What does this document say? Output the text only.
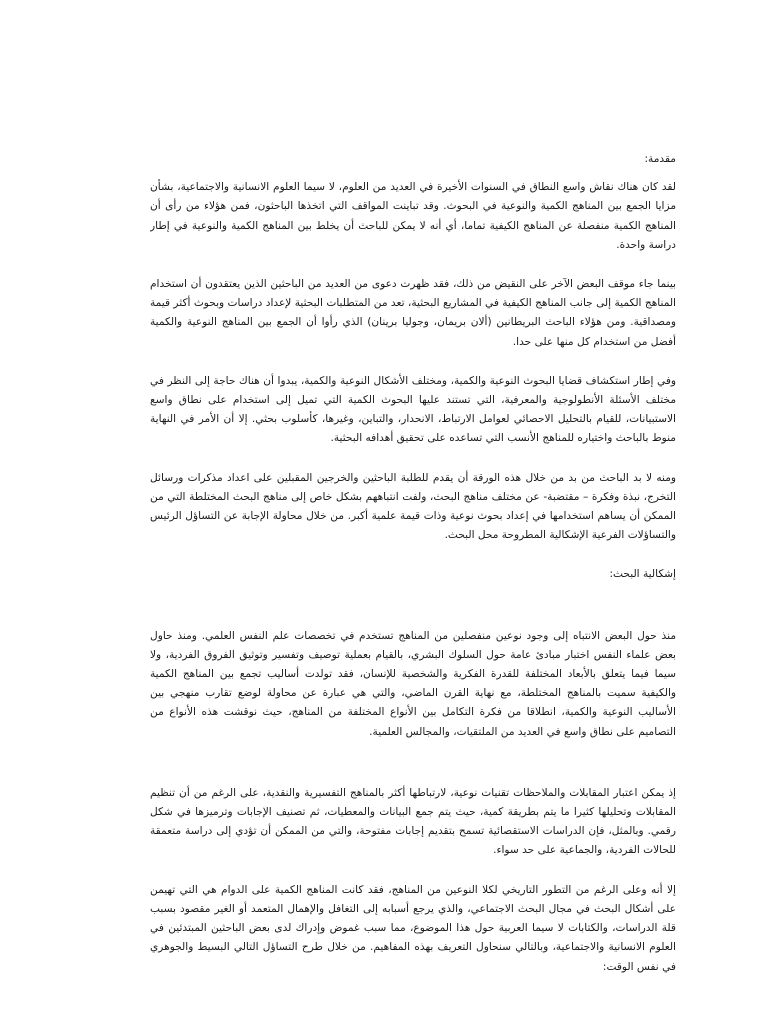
مقدمة:

لقد كان هناك نقاش واسع النطاق في السنوات الأخيرة في العديد من العلوم، لا سيما العلوم الانسانية والاجتماعية، بشأن مزايا الجمع بين المناهج الكمية والنوعية في البحوث. وقد تباينت المواقف التي اتخذها الباحثون، فمن هؤلاء من رأى أن المناهج الكمية منفصلة عن المناهج الكيفية تماما، أي أنه لا يمكن للباحث أن يخلط بين المناهج الكمية والنوعية في إطار دراسة واحدة.

بينما جاء موقف البعض الآخر على النقيض من ذلك، فقد ظهرت دعوى من العديد من الباحثين الذين يعتقدون أن استخدام المناهج الكمية إلى جانب المناهج الكيفية في المشاريع البحثية، تعد من المتطلبات البحثية لإعداد دراسات وبحوث أكثر قيمة ومصداقية. ومن هؤلاء الباحث البريطانين (ألان بريمان، وجوليا برينان) الذي رأوا أن الجمع بين المناهج النوعية والكمية أفضل من استخدام كل منها على حدا.

وفي إطار استكشاف قضايا البحوث النوعية والكمية، ومختلف الأشكال النوعية والكمية، يبدوا أن هناك حاجة إلى النظر في مختلف الأسئلة الأنطولوجية والمعرفية، التي تستند عليها البحوث الكمية التي تميل إلى استخدام على نطاق واسع الاستبيانات، للقيام بالتحليل الاحصائي لعوامل الارتباط، الانحدار، والتباين، وغيرها، كأسلوب بحثي. إلا أن الأمر في النهاية منوط بالباحث واختياره للمناهج الأنسب التي تساعده على تحقيق أهدافه البحثية.

ومنه لا بد الباحث من بد من خلال هذه الورقة أن يقدم للطلبة الباحثين والخرجين المقبلين على اعداد مذكرات ورسائل التخرج، نبذة وفكرة – مقتضبة- عن مختلف مناهج البحث، ولفت انتباههم بشكل خاص إلى مناهج البحث المختلطة التي من الممكن أن يساهم استخدامها في إعداد بحوث نوعية وذات قيمة علمية أكبر. من خلال محاولة الإجابة عن التساؤل الرئيس والتساؤلات الفرعية الإشكالية المطروحة محل البحث.

إشكالية البحث:

منذ حول البعض الانتباه إلى وجود نوعين منفصلين من المناهج تستخدم في تخصصات علم النفس العلمي. ومنذ حاول بعض علماء النفس اختبار مبادئ عامة حول السلوك البشري، بالقيام بعملية توصيف وتفسير وتوثيق الفروق الفردية، ولا سيما فيما يتعلق بالأبعاد المختلفة للقدرة الفكرية والشخصية للإنسان، فقد تولدت أساليب تجمع بين المناهج الكمية والكيفية سميت بالمناهج المختلطة، مع نهاية القرن الماضي، والتي هي عبارة عن محاولة لوضع تقارب منهجي بين الأساليب النوعية والكمية، انطلاقا من فكرة التكامل بين الأنواع المختلفة من المناهج، حيث نوقشت هذه الأنواع من التصاميم على نطاق واسع في العديد من الملتقيات، والمجالس العلمية.

إذ يمكن اعتبار المقابلات والملاحظات تقنيات نوعية، لارتباطها أكثر بالمناهج التفسيرية والنقدية، على الرغم من أن تنظيم المقابلات وتحليلها كثيرا ما يتم بطريقة كمية، حيث يتم جمع البيانات والمعطيات، ثم تصنيف الإجابات وترميزها في شكل رقمي. وبالمثل، فإن الدراسات الاستقصائية تسمح بتقديم إجابات مفتوحة، والتي من الممكن أن تؤدي إلى دراسة متعمقة للحالات الفردية، والجماعية على حد سواء.

إلا أنه وعلى الرغم من التطور التاريخي لكلا النوعين من المناهج، فقد كانت المناهج الكمية على الدوام هي التي تهيمن على أشكال البحث في مجال البحث الاجتماعي، والذي يرجع أسبابه إلى التغافل والإهمال المتعمد أو الغير مقصود بسبب قلة الدراسات، والكتابات لا سيما العربية حول هذا الموضوع، مما سبب غموض وإدراك لدى بعض الباحثين المبتدئين في العلوم الانسانية والاجتماعية، وبالتالي سنحاول التعريف بهذه المفاهيم. من خلال طرح التساؤل التالي البسيط والجوهري في نفس الوقت:
